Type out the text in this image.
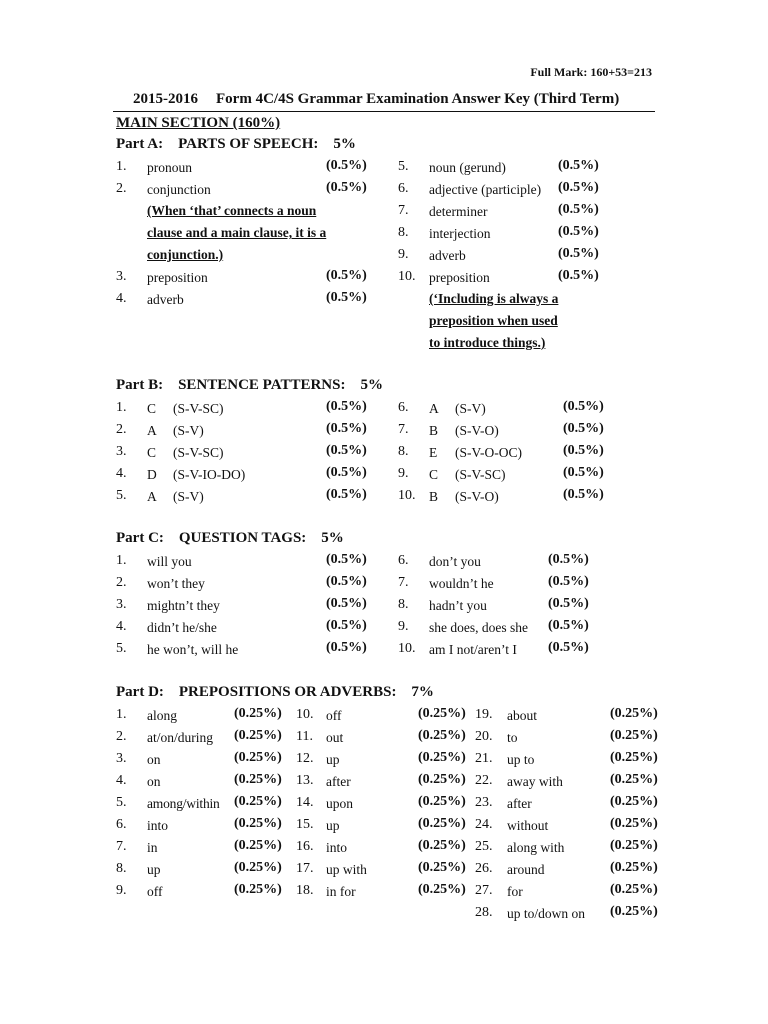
Full Mark: 160+53=213
2015-2016 Form 4C/4S Grammar Examination Answer Key (Third Term)
MAIN SECTION (160%)
Part A:    PARTS OF SPEECH:    5%
1. pronoun	(0.5%)
2. conjunction	(0.5%)
(When ‘that’ connects a noun
clause and a main clause, it is a
conjunction.)
3. preposition	(0.5%)
4. adverb	(0.5%)
5. noun (gerund)	(0.5%)
6. adjective (participle) (0.5%)
7. determiner	(0.5%)
8. interjection	(0.5%)
9. adverb	(0.5%)
10. preposition	(0.5%)
(‘Including is always a
preposition when used
to introduce things.)
Part B:    SENTENCE PATTERNS:    5%
1. C (S-V-SC)	(0.5%)
2. A (S-V)	(0.5%)
3. C (S-V-SC)	(0.5%)
4. D (S-V-IO-DO)	(0.5%)
5. A (S-V)	(0.5%)
6. A (S-V)	(0.5%)
7. B (S-V-O)	(0.5%)
8. E (S-V-O-OC)	(0.5%)
9. C (S-V-SC)	(0.5%)
10. B (S-V-O)	(0.5%)
Part C:    QUESTION TAGS:    5%
1. will you	(0.5%)
2. won’t they	(0.5%)
3. mightn’t they	(0.5%)
4. didn’t he/she	(0.5%)
5. he won’t, will he	(0.5%)
6. don’t you	(0.5%)
7. wouldn’t he	(0.5%)
8. hadn’t you	(0.5%)
9. she does, does she (0.5%)
10. am I not/aren’t I (0.5%)
Part D:    PREPOSITIONS OR ADVERBS:    7%
1. along	(0.25%)
2. at/on/during (0.25%)
3. on	(0.25%)
4. on	(0.25%)
5. among/within (0.25%)
6. into	(0.25%)
7. in	(0.25%)
8. up	(0.25%)
9. off	(0.25%)
10. off	(0.25%)
11. out	(0.25%)
12. up	(0.25%)
13. after	(0.25%)
14. upon	(0.25%)
15. up	(0.25%)
16. into	(0.25%)
17. up with	(0.25%)
18. in for	(0.25%)
19. about	(0.25%)
20. to	(0.25%)
21. up to	(0.25%)
22. away with	(0.25%)
23. after	(0.25%)
24. without	(0.25%)
25. along with	(0.25%)
26. around	(0.25%)
27. for	(0.25%)
28. up to/down on (0.25%)
